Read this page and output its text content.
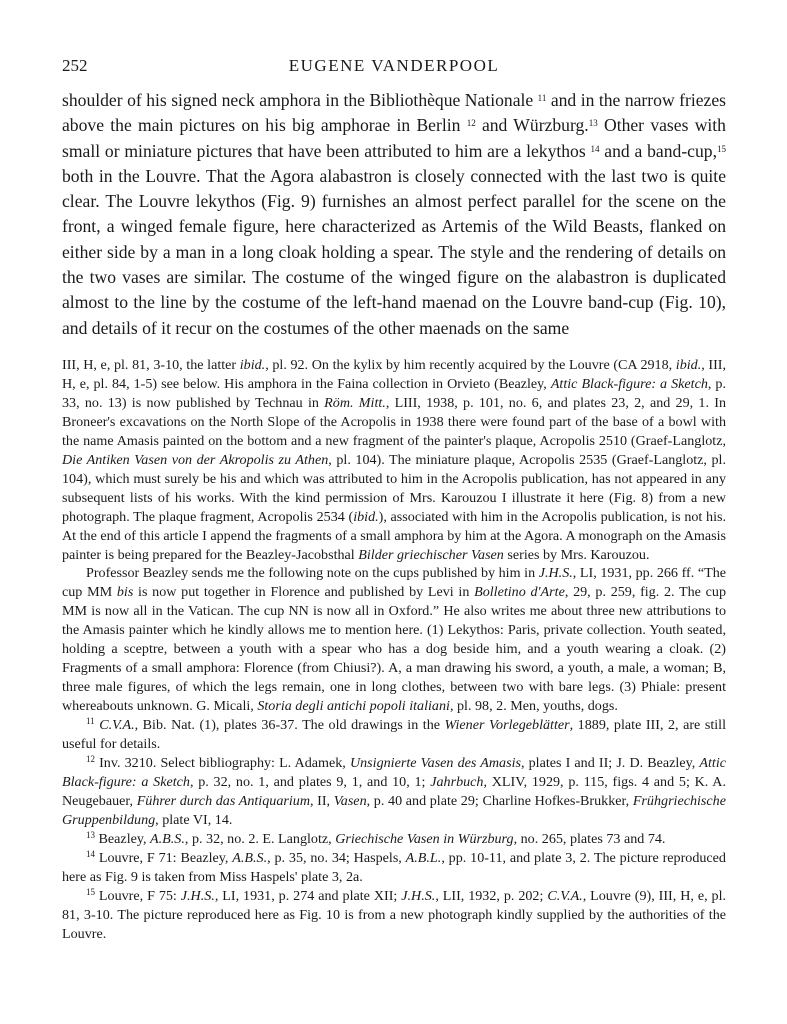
252	EUGENE VANDERPOOL

shoulder of his signed neck amphora in the Bibliothèque Nationale $^{11}$ and in the narrow friezes above the main pictures on his big amphorae in Berlin $^{12}$ and Würzburg.$^{13}$ Other vases with small or miniature pictures that have been attributed to him are a lekythos $^{14}$ and a band-cup,$^{15}$ both in the Louvre. That the Agora alabastron is closely connected with the last two is quite clear. The Louvre lekythos (Fig. 9) furnishes an almost perfect parallel for the scene on the front, a winged female figure, here characterized as Artemis of the Wild Beasts, flanked on either side by a man in a long cloak holding a spear. The style and the rendering of details on the two vases are similar. The costume of the winged figure on the alabastron is duplicated almost to the line by the costume of the left-hand maenad on the Louvre band-cup (Fig. 10), and details of it recur on the costumes of the other maenads on the same

III, H, e, pl. 81, 3-10, the latter ibid., pl. 92. On the kylix by him recently acquired by the Louvre (CA 2918, ibid., III, H, e, pl. 84, 1-5) see below. His amphora in the Faina collection in Orvieto (Beazley, Attic Black-figure: a Sketch, p. 33, no. 13) is now published by Technau in Röm. Mitt., LIII, 1938, p. 101, no. 6, and plates 23, 2, and 29, 1. In Broneer's excavations on the North Slope of the Acropolis in 1938 there were found part of the base of a bowl with the name Amasis painted on the bottom and a new fragment of the painter's plaque, Acropolis 2510 (Graef-Langlotz, Die Antiken Vasen von der Akropolis zu Athen, pl. 104). The miniature plaque, Acropolis 2535 (Graef-Langlotz, pl. 104), which must surely be his and which was attributed to him in the Acropolis publication, has not appeared in any subsequent lists of his works. With the kind permission of Mrs. Karouzou I illustrate it here (Fig. 8) from a new photograph. The plaque fragment, Acropolis 2534 (ibid.), associated with him in the Acropolis publication, is not his. At the end of this article I append the fragments of a small amphora by him at the Agora. A monograph on the Amasis painter is being prepared for the Beazley-Jacobsthal Bilder griechischer Vasen series by Mrs. Karouzou.

Professor Beazley sends me the following note on the cups published by him in J.H.S., LI, 1931, pp. 266 ff. “The cup MM bis is now put together in Florence and published by Levi in Bolletino d'Arte, 29, p. 259, fig. 2. The cup MM is now all in the Vatican. The cup NN is now all in Oxford.” He also writes me about three new attributions to the Amasis painter which he kindly allows me to mention here. (1) Lekythos: Paris, private collection. Youth seated, holding a sceptre, between a youth with a spear who has a dog beside him, and a youth wearing a cloak. (2) Fragments of a small amphora: Florence (from Chiusi?). A, a man drawing his sword, a youth, a male, a woman; B, three male figures, of which the legs remain, one in long clothes, between two with bare legs. (3) Phiale: present whereabouts unknown. G. Micali, Storia degli antichi popoli italiani, pl. 98, 2. Men, youths, dogs.

$^{11}$ C.V.A., Bib. Nat. (1), plates 36-37. The old drawings in the Wiener Vorlegeblätter, 1889, plate III, 2, are still useful for details.

$^{12}$ Inv. 3210. Select bibliography: L. Adamek, Unsignierte Vasen des Amasis, plates I and II; J. D. Beazley, Attic Black-figure: a Sketch, p. 32, no. 1, and plates 9, 1, and 10, 1; Jahrbuch, XLIV, 1929, p. 115, figs. 4 and 5; K. A. Neugebauer, Führer durch das Antiquarium, II, Vasen, p. 40 and plate 29; Charline Hofkes-Brukker, Frühgriechische Gruppenbildung, plate VI, 14.

$^{13}$ Beazley, A.B.S., p. 32, no. 2. E. Langlotz, Griechische Vasen in Würzburg, no. 265, plates 73 and 74.

$^{14}$ Louvre, F 71: Beazley, A.B.S., p. 35, no. 34; Haspels, A.B.L., pp. 10-11, and plate 3, 2. The picture reproduced here as Fig. 9 is taken from Miss Haspels' plate 3, 2a.

$^{15}$ Louvre, F 75: J.H.S., LI, 1931, p. 274 and plate XII; J.H.S., LII, 1932, p. 202; C.V.A., Louvre (9), III, H, e, pl. 81, 3-10. The picture reproduced here as Fig. 10 is from a new photograph kindly supplied by the authorities of the Louvre.
